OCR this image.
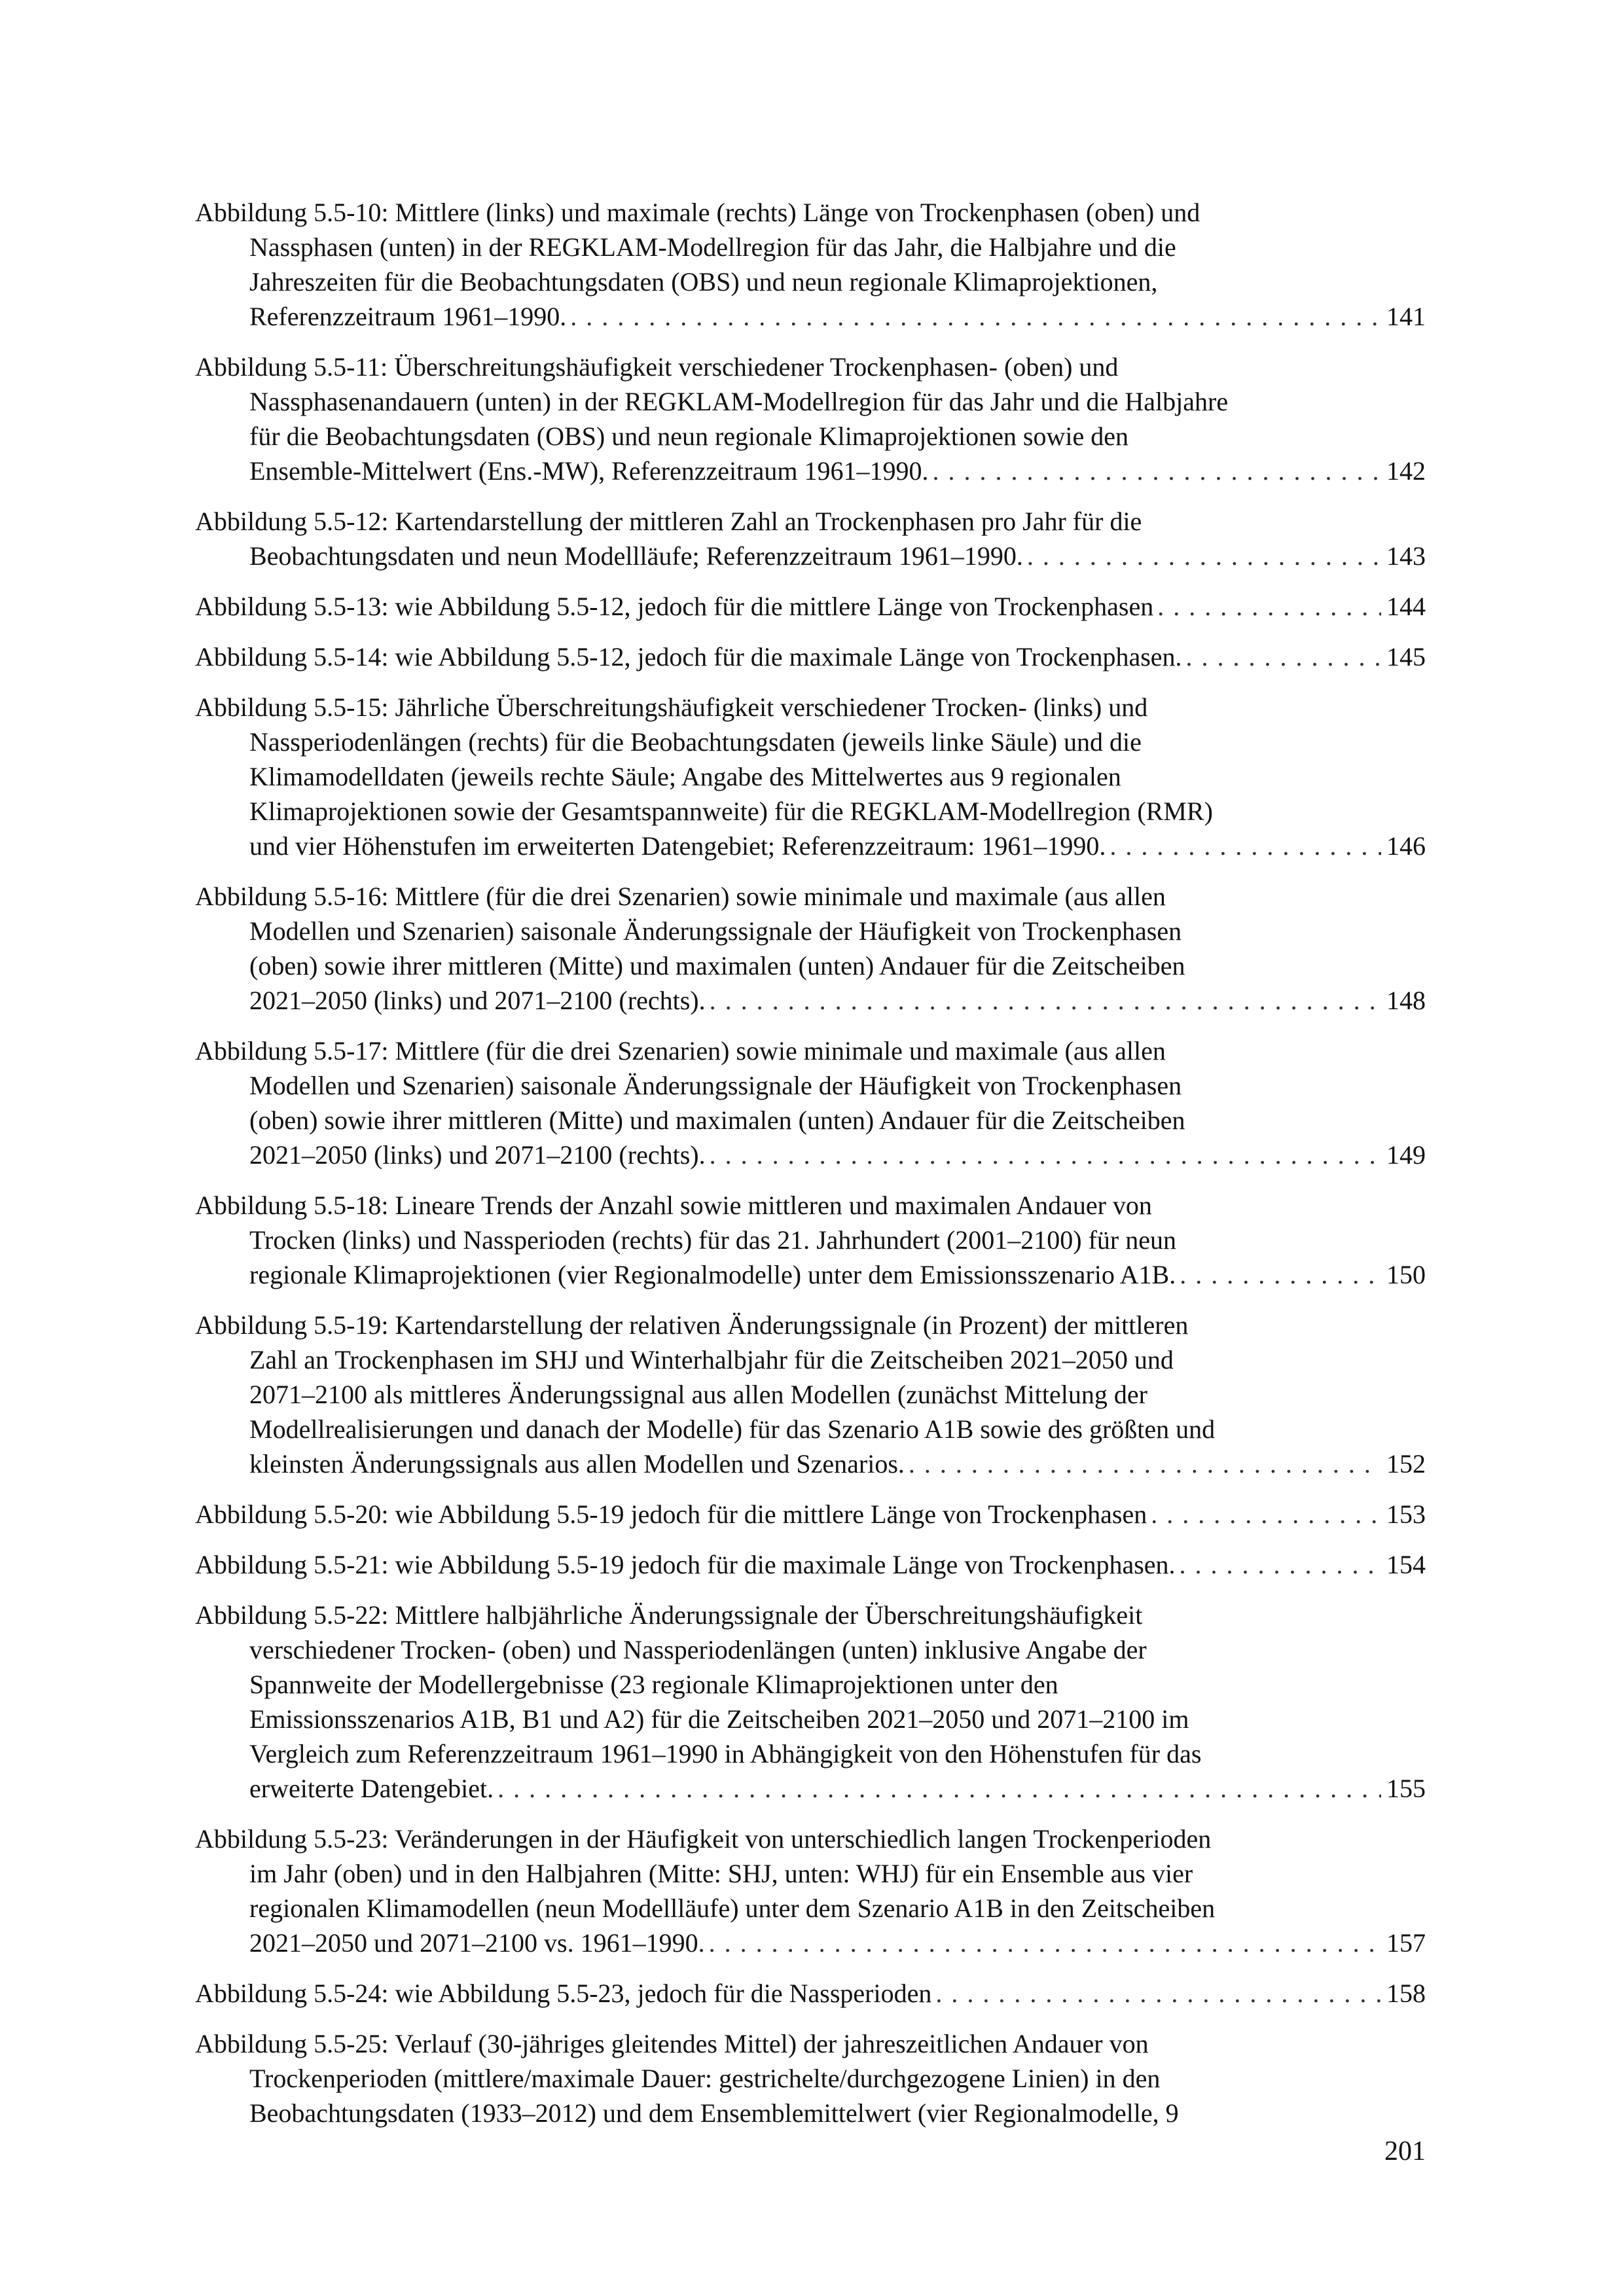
Abbildung 5.5-10: Mittlere (links) und maximale (rechts) Länge von Trockenphasen (oben) und
Nassphasen (unten) in der REGKLAM-Modellregion für das Jahr, die Halbjahre und die
Jahreszeiten für die Beobachtungsdaten (OBS) und neun regionale Klimaprojektionen,
Referenzzeitraum 1961–1990. . . .	141
Abbildung 5.5-11: Überschreitungshäufigkeit verschiedener Trockenphasen- (oben) und
Nassphasenandauern (unten) in der REGKLAM-Modellregion für das Jahr und die Halbjahre
für die Beobachtungsdaten (OBS) und neun regionale Klimaprojektionen sowie den
Ensemble-Mittelwert (Ens.-MW), Referenzzeitraum 1961–1990. . . .	142
Abbildung 5.5-12: Kartendarstellung der mittleren Zahl an Trockenphasen pro Jahr für die
Beobachtungsdaten und neun Modellläufe; Referenzzeitraum 1961–1990. . . .	143
Abbildung 5.5-13: wie Abbildung 5.5-12, jedoch für die mittlere Länge von Trockenphasen . . .	144
Abbildung 5.5-14: wie Abbildung 5.5-12, jedoch für die maximale Länge von Trockenphasen. . . .	145
Abbildung 5.5-15: Jährliche Überschreitungshäufigkeit verschiedener Trocken- (links) und
Nassperiodenlängen (rechts) für die Beobachtungsdaten (jeweils linke Säule) und die
Klimamodelldaten (jeweils rechte Säule; Angabe des Mittelwertes aus 9 regionalen
Klimaprojektionen sowie der Gesamtspannweite) für die REGKLAM-Modellregion (RMR)
und vier Höhenstufen im erweiterten Datengebiet; Referenzzeitraum: 1961–1990. . . .	146
Abbildung 5.5-16: Mittlere (für die drei Szenarien) sowie minimale und maximale (aus allen
Modellen und Szenarien) saisonale Änderungssignale der Häufigkeit von Trockenphasen
(oben) sowie ihrer mittleren (Mitte) und maximalen (unten) Andauer für die Zeitscheiben
2021–2050 (links) und 2071–2100 (rechts). . . .	148
Abbildung 5.5-17: Mittlere (für die drei Szenarien) sowie minimale und maximale (aus allen
Modellen und Szenarien) saisonale Änderungssignale der Häufigkeit von Trockenphasen
(oben) sowie ihrer mittleren (Mitte) und maximalen (unten) Andauer für die Zeitscheiben
2021–2050 (links) und 2071–2100 (rechts). . . .	149
Abbildung 5.5-18: Lineare Trends der Anzahl sowie mittleren und maximalen Andauer von
Trocken (links) und Nassperioden (rechts) für das 21. Jahrhundert (2001–2100) für neun
regionale Klimaprojektionen (vier Regionalmodelle) unter dem Emissionsszenario A1B. . . .	150
Abbildung 5.5-19: Kartendarstellung der relativen Änderungssignale (in Prozent) der mittleren
Zahl an Trockenphasen im SHJ und Winterhalbjahr für die Zeitscheiben 2021–2050 und
2071–2100 als mittleres Änderungssignal aus allen Modellen (zunächst Mittelung der
Modellrealisierungen und danach der Modelle) für das Szenario A1B sowie des größten und
kleinsten Änderungssignals aus allen Modellen und Szenarios. . . .	152
Abbildung 5.5-20: wie Abbildung 5.5-19 jedoch für die mittlere Länge von Trockenphasen . . .	153
Abbildung 5.5-21: wie Abbildung 5.5-19 jedoch für die maximale Länge von Trockenphasen. . . .	154
Abbildung 5.5-22: Mittlere halbjährliche Änderungssignale der Überschreitungshäufigkeit
verschiedener Trocken- (oben) und Nassperiodenlängen (unten) inklusive Angabe der
Spannweite der Modellergebnisse (23 regionale Klimaprojektionen unter den
Emissionsszenarios A1B, B1 und A2) für die Zeitscheiben 2021–2050 und 2071–2100 im
Vergleich zum Referenzzeitraum 1961–1990 in Abhängigkeit von den Höhenstufen für das
erweiterte Datengebiet. . . .	155
Abbildung 5.5-23: Veränderungen in der Häufigkeit von unterschiedlich langen Trockenperioden
im Jahr (oben) und in den Halbjahren (Mitte: SHJ, unten: WHJ) für ein Ensemble aus vier
regionalen Klimamodellen (neun Modellläufe) unter dem Szenario A1B in den Zeitscheiben
2021–2050 und 2071–2100 vs. 1961–1990. . . .	157
Abbildung 5.5-24: wie Abbildung 5.5-23, jedoch für die Nassperioden . . .	158
Abbildung 5.5-25: Verlauf (30-jähriges gleitendes Mittel) der jahreszeitlichen Andauer von
Trockenperioden (mittlere/maximale Dauer: gestrichelte/durchgezogene Linien) in den
Beobachtungsdaten (1933–2012) und dem Ensemblemittelwert (vier Regionalmodelle, 9
201
